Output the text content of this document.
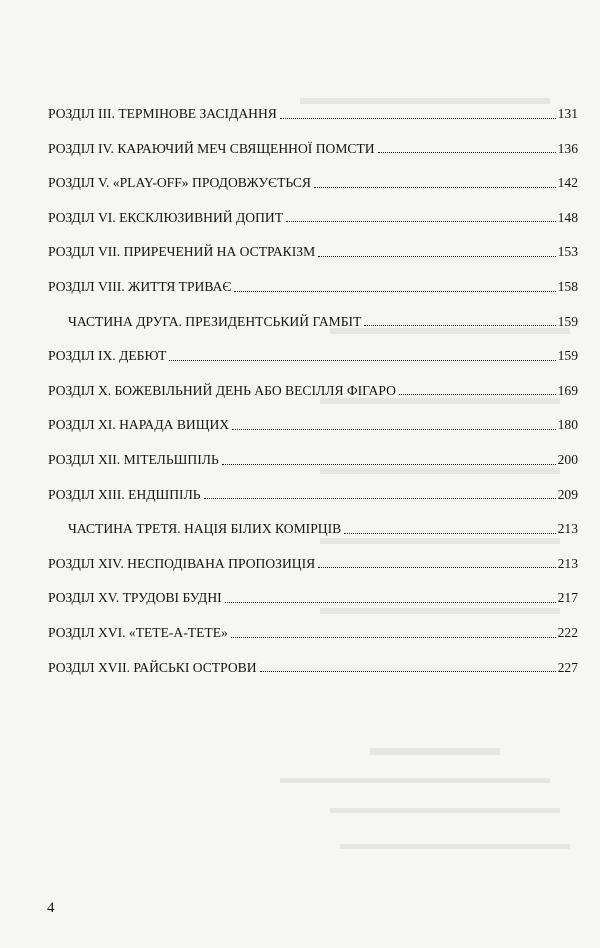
РОЗДІЛ III. ТЕРМІНОВЕ ЗАСІДАННЯ	131
РОЗДІЛ IV. КАРАЮЧИЙ МЕЧ СВЯЩЕННОЇ ПОМСТИ	136
РОЗДІЛ V. «PLAY-OFF» ПРОДОВЖУЄТЬСЯ	142
РОЗДІЛ VI. ЕКСКЛЮЗИВНИЙ ДОПИТ	148
РОЗДІЛ VII. ПРИРЕЧЕНИЙ НА ОСТРАКІЗМ	153
РОЗДІЛ VIII. ЖИТТЯ ТРИВАЄ	158
ЧАСТИНА ДРУГА. ПРЕЗИДЕНТСЬКИЙ ГАМБІТ	159
РОЗДІЛ IX. ДЕБЮТ	159
РОЗДІЛ X. БОЖЕВІЛЬНИЙ ДЕНЬ АБО ВЕСІЛЛЯ ФІГАРО	169
РОЗДІЛ XI. НАРАДА ВИЩИХ	180
РОЗДІЛ XII. МІТЕЛЬШПІЛЬ	200
РОЗДІЛ XIII. ЕНДШПІЛЬ	209
ЧАСТИНА ТРЕТЯ. НАЦІЯ БІЛИХ КОМІРЦІВ	213
РОЗДІЛ XIV. НЕСПОДІВАНА ПРОПОЗИЦІЯ	213
РОЗДІЛ XV. ТРУДОВІ БУДНІ	217
РОЗДІЛ XVI. «ТЕТЕ-А-ТЕТЕ»	222
РОЗДІЛ XVII. РАЙСЬКІ ОСТРОВИ	227
4
